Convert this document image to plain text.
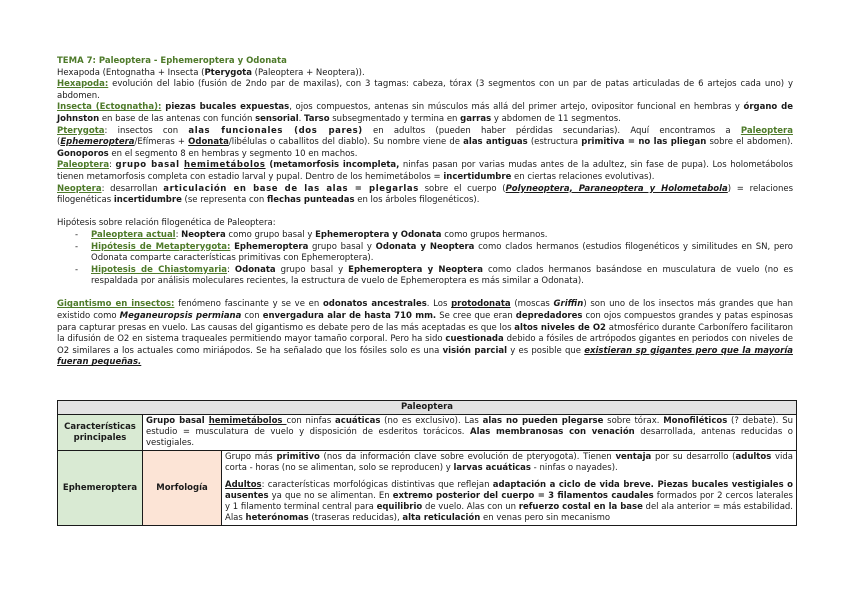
TEMA 7: Paleoptera - Ephemeroptera y Odonata

Hexapoda (Entognatha + Insecta (Pterygota (Paleoptera + Neoptera)).

Hexapoda: evolución del labio (fusión de 2ndo par de maxilas), con 3 tagmas: cabeza, tórax (3 segmentos con un par de patas articuladas de 6 artejos cada uno) y abdomen.

Insecta (Ectognatha): piezas bucales expuestas, ojos compuestos, antenas sin músculos más allá del primer artejo, ovipositor funcional en hembras y órgano de Johnston en base de las antenas con función sensorial. Tarso subsegmentado y termina en garras y abdomen de 11 segmentos.

Pterygota: insectos con alas funcionales (dos pares) en adultos (pueden haber pérdidas secundarias). Aquí encontramos a Paleoptera (Ephemeroptera/Efímeras + Odonata/libélulas o caballitos del diablo). Su nombre viene de alas antiguas (estructura primitiva = no las pliegan sobre el abdomen). Gonoporos en el segmento 8 en hembras y segmento 10 en machos.

Paleoptera: grupo basal hemimetábolos (metamorfosis incompleta, ninfas pasan por varias mudas antes de la adultez, sin fase de pupa). Los holometábolos tienen metamorfosis completa con estadio larval y pupal. Dentro de los hemimetábolos = incertidumbre en ciertas relaciones evolutivas).

Neoptera: desarrollan articulación en base de las alas = plegarlas sobre el cuerpo (Polyneoptera, Paraneoptera y Holometabola) = relaciones filogenéticas incertidumbre (se representa con flechas punteadas en los árboles filogenéticos).

Hipótesis sobre relación filogenética de Paleoptera:

- Paleoptera actual: Neoptera como grupo basal y Ephemeroptera y Odonata como grupos hermanos.
- Hipótesis de Metapterygota: Ephemeroptera grupo basal y Odonata y Neoptera como clados hermanos (estudios filogenéticos y similitudes en SN, pero Odonata comparte características primitivas con Ephemeroptera).
- Hipotesis de Chiastomyaria: Odonata grupo basal y Ephemeroptera y Neoptera como clados hermanos basándose en musculatura de vuelo (no es respaldada por análisis moleculares recientes, la estructura de vuelo de Ephemeroptera es más similar a Odonata).

Gigantismo en insectos: fenómeno fascinante y se ve en odonatos ancestrales. Los protodonata (moscas Griffin) son uno de los insectos más grandes que han existido como Meganeuropsis permiana con envergadura alar de hasta 710 mm. Se cree que eran depredadores con ojos compuestos grandes y patas espinosas para capturar presas en vuelo. Las causas del gigantismo es debate pero de las más aceptadas es que los altos niveles de O2 atmosférico durante Carbonífero facilitaron la difusión de O2 en sistema traqueales permitiendo mayor tamaño corporal. Pero ha sido cuestionada debido a fósiles de artrópodos gigantes en periodos con niveles de O2 similares a los actuales como miriápodos. Se ha señalado que los fósiles solo es una visión parcial y es posible que existieran sp gigantes pero que la mayoría fueran pequeñas.

Paleoptera		
Características principales	Grupo basal hemimetábolos con ninfas acuáticas (no es exclusivo). Las alas no pueden plegarse sobre tórax. Monofiléticos (? debate). Su estudio = musculatura de vuelo y disposición de esderitos torácicos. Alas membranosas con venación desarrollada, antenas reducidas o vestigiales.	
Ephemeroptera	Morfología	Grupo más primitivo (nos da información clave sobre evolución de pteryogota). Tienen ventaja por su desarrollo (adultos vida corta - horas (no se alimentan, solo se reproducen) y larvas acuáticas - ninfas o nayades).

Adultos: características morfológicas distintivas que reflejan adaptación a ciclo de vida breve. Piezas bucales vestigiales o ausentes ya que no se alimentan. En extremo posterior del cuerpo = 3 filamentos caudales formados por 2 cercos laterales y 1 filamento terminal central para equilibrio de vuelo. Alas con un refuerzo costal en la base del ala anterior = más estabilidad. Alas heterónomas (traseras reducidas), alta reticulación en venas pero sin mecanismo
